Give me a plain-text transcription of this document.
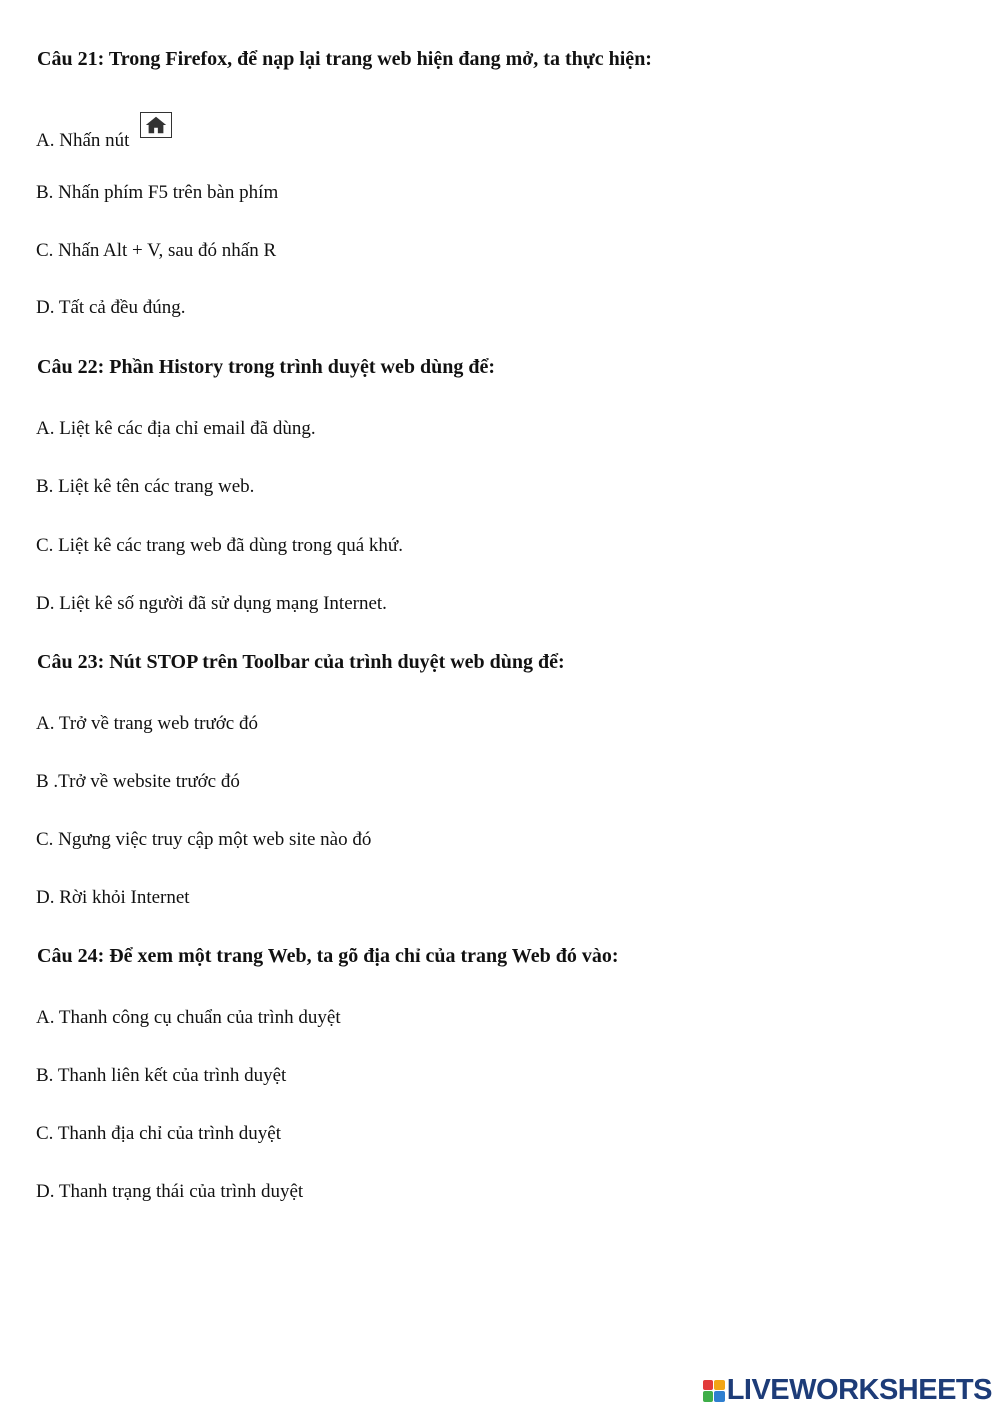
Câu 21: Trong Firefox, để nạp lại trang web hiện đang mở, ta thực hiện:
A. Nhấn nút
B. Nhấn phím F5 trên bàn phím
C. Nhấn Alt + V, sau đó nhấn R
D. Tất cả đều đúng.
Câu 22: Phần History trong trình duyệt web dùng để:
A. Liệt kê các địa chỉ email đã dùng.
B. Liệt kê tên các trang web.
C. Liệt kê các trang web đã dùng trong quá khứ.
D. Liệt kê số người đã sử dụng mạng Internet.
Câu 23: Nút STOP trên Toolbar của trình duyệt web dùng để:
A. Trở về trang web trước đó
B .Trở về website trước đó
C. Ngưng việc truy cập một web site nào đó
D. Rời khỏi Internet
Câu 24: Để xem một trang Web, ta gõ địa chỉ của trang Web đó vào:
A. Thanh công cụ chuẩn của trình duyệt
B. Thanh liên kết của trình duyệt
C. Thanh địa chỉ của trình duyệt
D. Thanh trạng thái của trình duyệt
LIVEWORKSHEETS
